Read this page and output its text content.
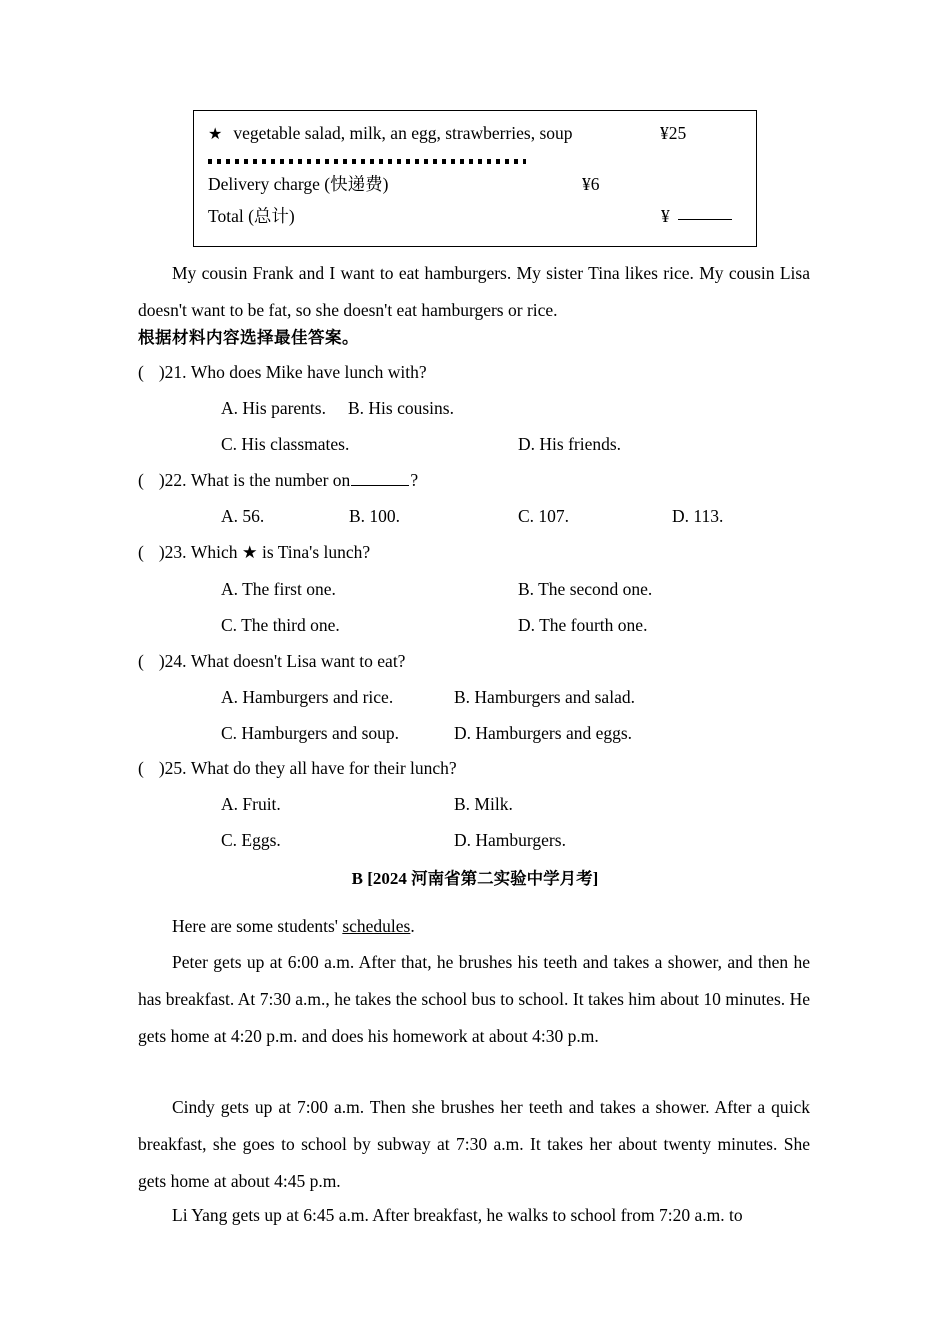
★ vegetable salad, milk, an egg, strawberries, soup	¥25
Delivery charge (快递费)	¥6
Total (总计)	¥
My cousin Frank and I want to eat hamburgers. My sister Tina likes rice. My cousin Lisa doesn't want to be fat, so she doesn't eat hamburgers or rice.
根据材料内容选择最佳答案。
( )21. Who does Mike have lunch with?
A. His parents. B. His cousins.
C. His classmates.	D. His friends.
( )22. What is the number on	?
A. 56.	B. 100.	C. 107.	D. 113.
( )23. Which ★ is Tina's lunch?
A. The first one.	B. The second one.
C. The third one.	D. The fourth one.
( )24. What doesn't Lisa want to eat?
A. Hamburgers and rice.	B. Hamburgers and salad.
C. Hamburgers and soup.	D. Hamburgers and eggs.
( )25. What do they all have for their lunch?
A. Fruit.	B. Milk.
C. Eggs.	D. Hamburgers.
B [2024 河南省第二实验中学月考]
Here are some students' schedules.
Peter gets up at 6:00 a.m. After that, he brushes his teeth and takes a shower, and then he has breakfast. At 7:30 a.m., he takes the school bus to school. It takes him about 10 minutes. He gets home at 4:20 p.m. and does his homework at about 4:30 p.m.
Cindy gets up at 7:00 a.m. Then she brushes her teeth and takes a shower. After a quick breakfast, she goes to school by subway at 7:30 a.m. It takes her about twenty minutes. She gets home at about 4:45 p.m.
Li Yang gets up at 6:45 a.m. After breakfast, he walks to school from 7:20 a.m. to
